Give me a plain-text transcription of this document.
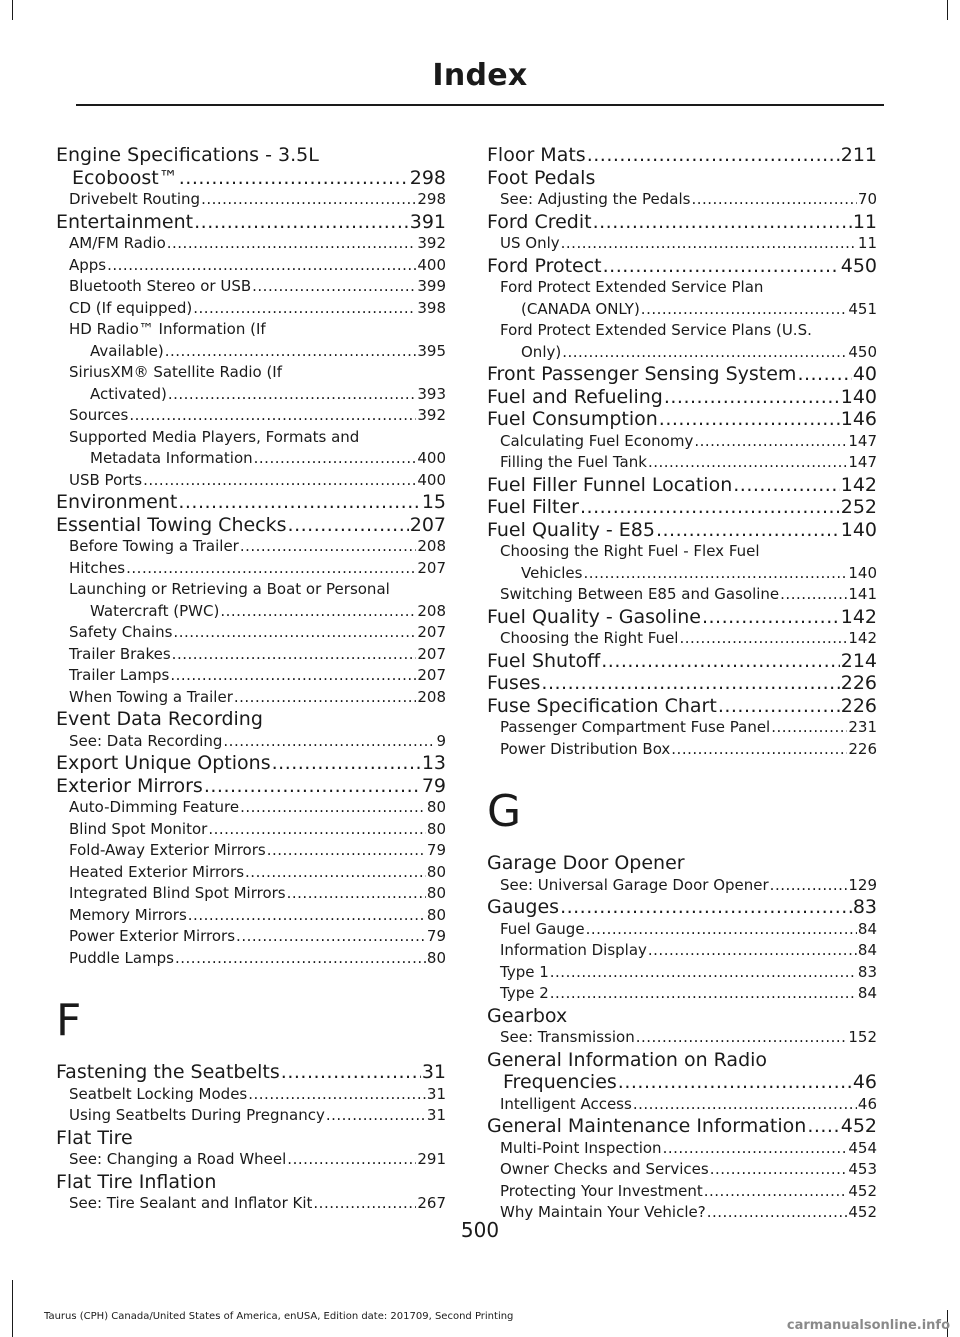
Index
Engine Specifications - 3.5L
Ecoboost™ .....	298
Drivebelt Routing .....	298
Entertainment .....	391
AM/FM Radio .....	392
Apps .....	400
Bluetooth Stereo or USB .....	399
CD (If equipped) .....	398
HD Radio™ Information (If
Available) .....	395
SiriusXM® Satellite Radio (If
Activated) .....	393
Sources .....	392
Supported Media Players, Formats and
Metadata Information .....	400
USB Ports .....	400
Environment .....	15
Essential Towing Checks .....	207
Before Towing a Trailer .....	208
Hitches .....	207
Launching or Retrieving a Boat or Personal
Watercraft (PWC) .....	208
Safety Chains .....	207
Trailer Brakes .....	207
Trailer Lamps .....	207
When Towing a Trailer .....	208
Event Data Recording
See: Data Recording .....	9
Export Unique Options .....	13
Exterior Mirrors .....	79
Auto-Dimming Feature .....	80
Blind Spot Monitor .....	80
Fold-Away Exterior Mirrors .....	79
Heated Exterior Mirrors .....	80
Integrated Blind Spot Mirrors .....	80
Memory Mirrors .....	80
Power Exterior Mirrors .....	79
Puddle Lamps .....	80
F
Fastening the Seatbelts .....	31
Seatbelt Locking Modes .....	31
Using Seatbelts During Pregnancy .....	31
Flat Tire
See: Changing a Road Wheel .....	291
Flat Tire Inflation
See: Tire Sealant and Inflator Kit .....	267
Floor Mats .....	211
Foot Pedals
See: Adjusting the Pedals .....	70
Ford Credit .....	11
US Only .....	11
Ford Protect .....	450
Ford Protect Extended Service Plan
(CANADA ONLY) .....	451
Ford Protect Extended Service Plans (U.S.
Only) .....	450
Front Passenger Sensing System .....	40
Fuel and Refueling .....	140
Fuel Consumption .....	146
Calculating Fuel Economy .....	147
Filling the Fuel Tank .....	147
Fuel Filler Funnel Location .....	142
Fuel Filter .....	252
Fuel Quality - E85 .....	140
Choosing the Right Fuel - Flex Fuel
Vehicles .....	140
Switching Between E85 and Gasoline .....	141
Fuel Quality - Gasoline .....	142
Choosing the Right Fuel .....	142
Fuel Shutoff .....	214
Fuses .....	226
Fuse Specification Chart .....	226
Passenger Compartment Fuse Panel .....	231
Power Distribution Box .....	226
G
Garage Door Opener
See: Universal Garage Door Opener .....	129
Gauges .....	83
Fuel Gauge .....	84
Information Display .....	84
Type 1 .....	83
Type 2 .....	84
Gearbox
See: Transmission .....	152
General Information on Radio
Frequencies .....	46
Intelligent Access .....	46
General Maintenance Information ..... 452
Multi-Point Inspection .....	454
Owner Checks and Services .....	453
Protecting Your Investment .....	452
Why Maintain Your Vehicle? .....	452
500
Taurus (CPH) Canada/United States of America, enUSA, Edition date: 201709, Second Printing
carmanualsonline.info
